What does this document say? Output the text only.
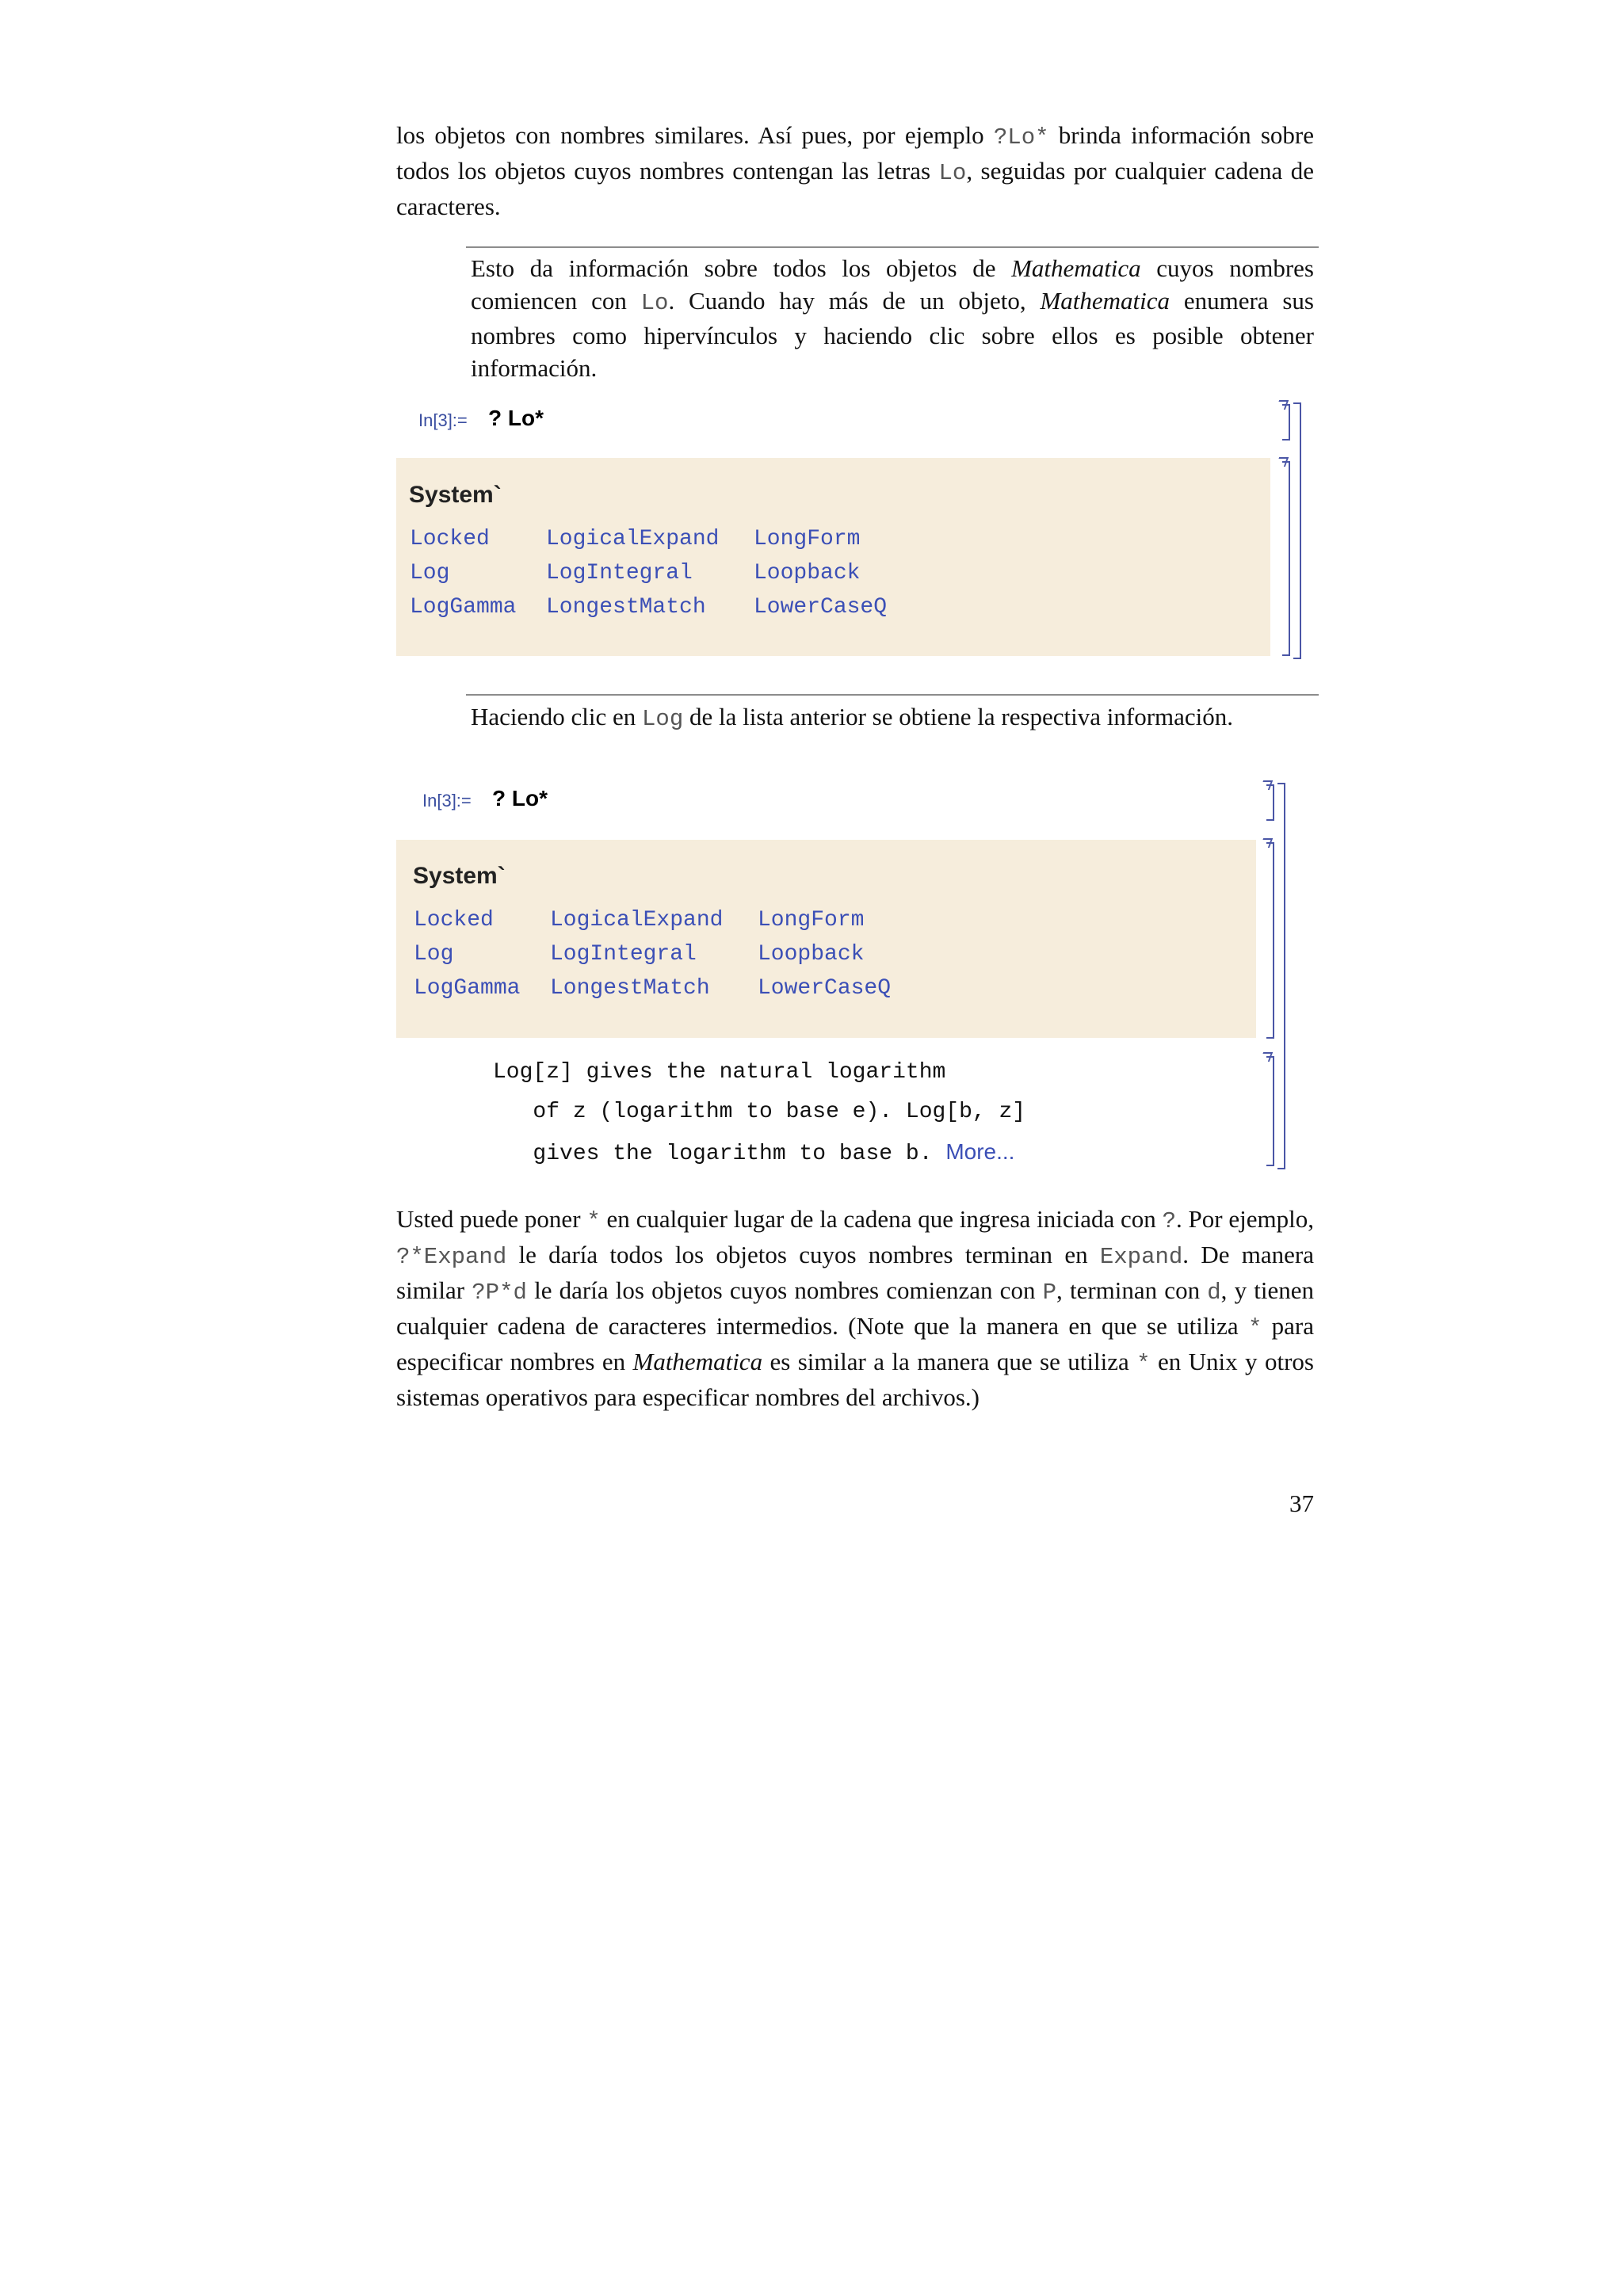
los objetos con nombres similares. Así pues, por ejemplo ?Lo* brinda información sobre todos los objetos cuyos nombres contengan las letras Lo, seguidas por cualquier cadena de caracteres.

Esto da información sobre todos los objetos de Mathematica cuyos nombres comiencen con Lo. Cuando hay más de un objeto, Mathematica enumera sus nombres como hipervínculos y haciendo clic sobre ellos es posible obtener información.

In[3]:= ? Lo*
System`
Locked	LogicalExpand	LongForm
Log	LogIntegral	Loopback
LogGamma	LongestMatch	LowerCaseQ

Haciendo clic en Log de la lista anterior se obtiene la respectiva información.

In[3]:= ? Lo*
System`
Locked	LogicalExpand	LongForm
Log	LogIntegral	Loopback
LogGamma	LongestMatch	LowerCaseQ
Log[z] gives the natural logarithm
of z (logarithm to base e). Log[b, z]
gives the logarithm to base b. More...

Usted puede poner * en cualquier lugar de la cadena que ingresa iniciada con ?. Por ejemplo, ?*Expand le daría todos los objetos cuyos nombres terminan en Expand. De manera similar ?P*d le daría los objetos cuyos nombres comienzan con P, terminan con d, y tienen cualquier cadena de caracteres intermedios. (Note que la manera en que se utiliza * para especificar nombres en Mathematica es similar a la manera que se utiliza * en Unix y otros sistemas operativos para especificar nombres del archivos.)

37
